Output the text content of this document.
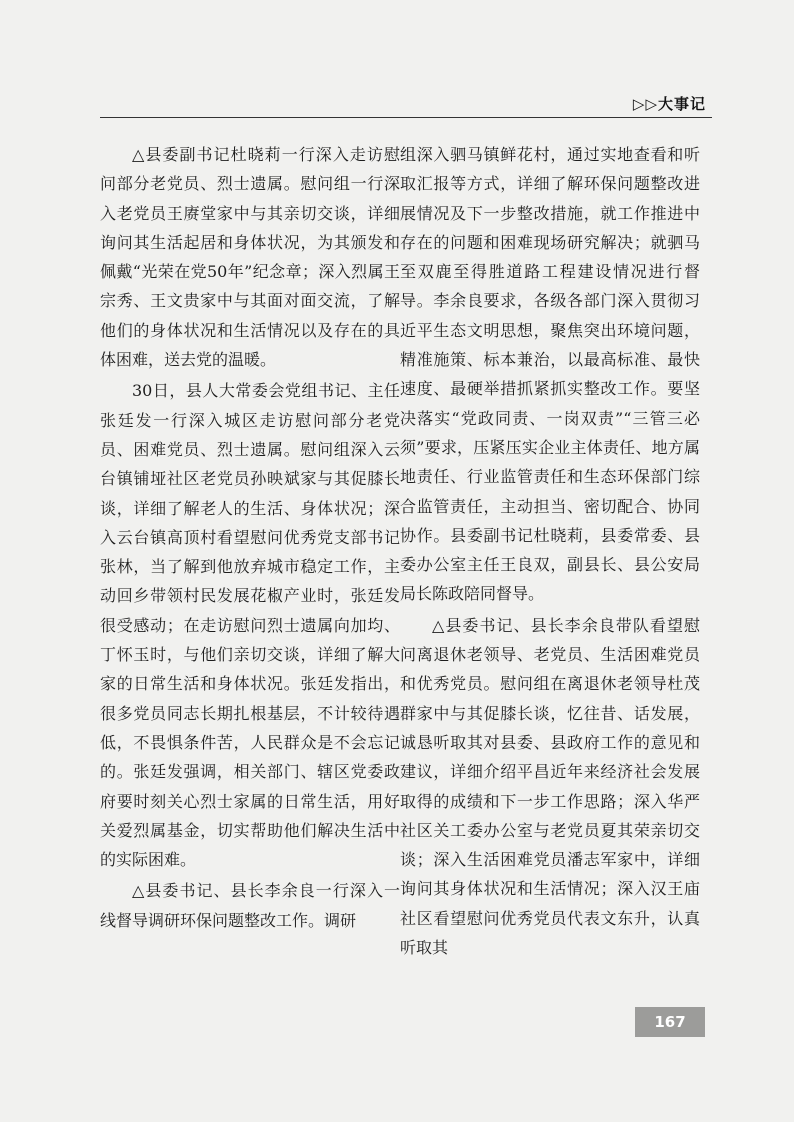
▷▷大事记

△县委副书记杜晓莉一行深入走访慰问部分老党员、烈士遗属。慰问组一行深入老党员王赓堂家中与其亲切交谈，详细询问其生活起居和身体状况，为其颁发和佩戴“光荣在党50年”纪念章；深入烈属王宗秀、王文贵家中与其面对面交流，了解他们的身体状况和生活情况以及存在的具体困难，送去党的温暖。

30日，县人大常委会党组书记、主任张廷发一行深入城区走访慰问部分老党员、困难党员、烈士遗属。慰问组深入云台镇铺垭社区老党员孙映斌家与其促膝长谈，详细了解老人的生活、身体状况；深入云台镇高顶村看望慰问优秀党支部书记张林，当了解到他放弃城市稳定工作，主动回乡带领村民发展花椒产业时，张廷发很受感动；在走访慰问烈士遗属向加均、丁怀玉时，与他们亲切交谈，详细了解大家的日常生活和身体状况。张廷发指出，很多党员同志长期扎根基层，不计较待遇低，不畏惧条件苦，人民群众是不会忘记的。张廷发强调，相关部门、辖区党委政府要时刻关心烈士家属的日常生活，用好关爱烈属基金，切实帮助他们解决生活中的实际困难。

△县委书记、县长李余良一行深入一线督导调研环保问题整改工作。调研

组深入驷马镇鲜花村，通过实地查看和听取汇报等方式，详细了解环保问题整改进展情况及下一步整改措施，就工作推进中存在的问题和困难现场研究解决；就驷马至双鹿至得胜道路工程建设情况进行督导。李余良要求，各级各部门深入贯彻习近平生态文明思想，聚焦突出环境问题，精准施策、标本兼治，以最高标准、最快速度、最硬举措抓紧抓实整改工作。要坚决落实“党政同责、一岗双责”“三管三必须”要求，压紧压实企业主体责任、地方属地责任、行业监管责任和生态环保部门综合监管责任，主动担当、密切配合、协同协作。县委副书记杜晓莉，县委常委、县委办公室主任王良双，副县长、县公安局局长陈政陪同督导。

△县委书记、县长李余良带队看望慰问离退休老领导、老党员、生活困难党员和优秀党员。慰问组在离退休老领导杜茂群家中与其促膝长谈，忆往昔、话发展，诚恳听取其对县委、县政府工作的意见和建议，详细介绍平昌近年来经济社会发展取得的成绩和下一步工作思路；深入华严社区关工委办公室与老党员夏其荣亲切交谈；深入生活困难党员潘志军家中，详细询问其身体状况和生活情况；深入汉王庙社区看望慰问优秀党员代表文东升，认真听取其

167
